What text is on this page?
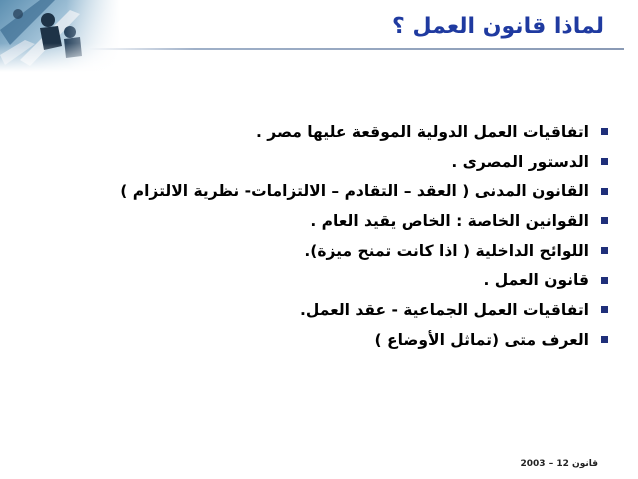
لماذا قانون العمل ؟
اتفاقيات العمل الدولية الموقعة عليها مصر .
الدستور المصرى .
القانون المدنى ( العقد – التقادم – الالتزامات- نظرية الالتزام )
القوانين الخاصة : الخاص يقيد العام .
اللوائح الداخلية ( اذا كانت تمنح ميزة).
قانون العمل .
اتفاقيات العمل الجماعية - عقد العمل.
العرف متى (تماثل الأوضاع )
قانون 12 – 2003
